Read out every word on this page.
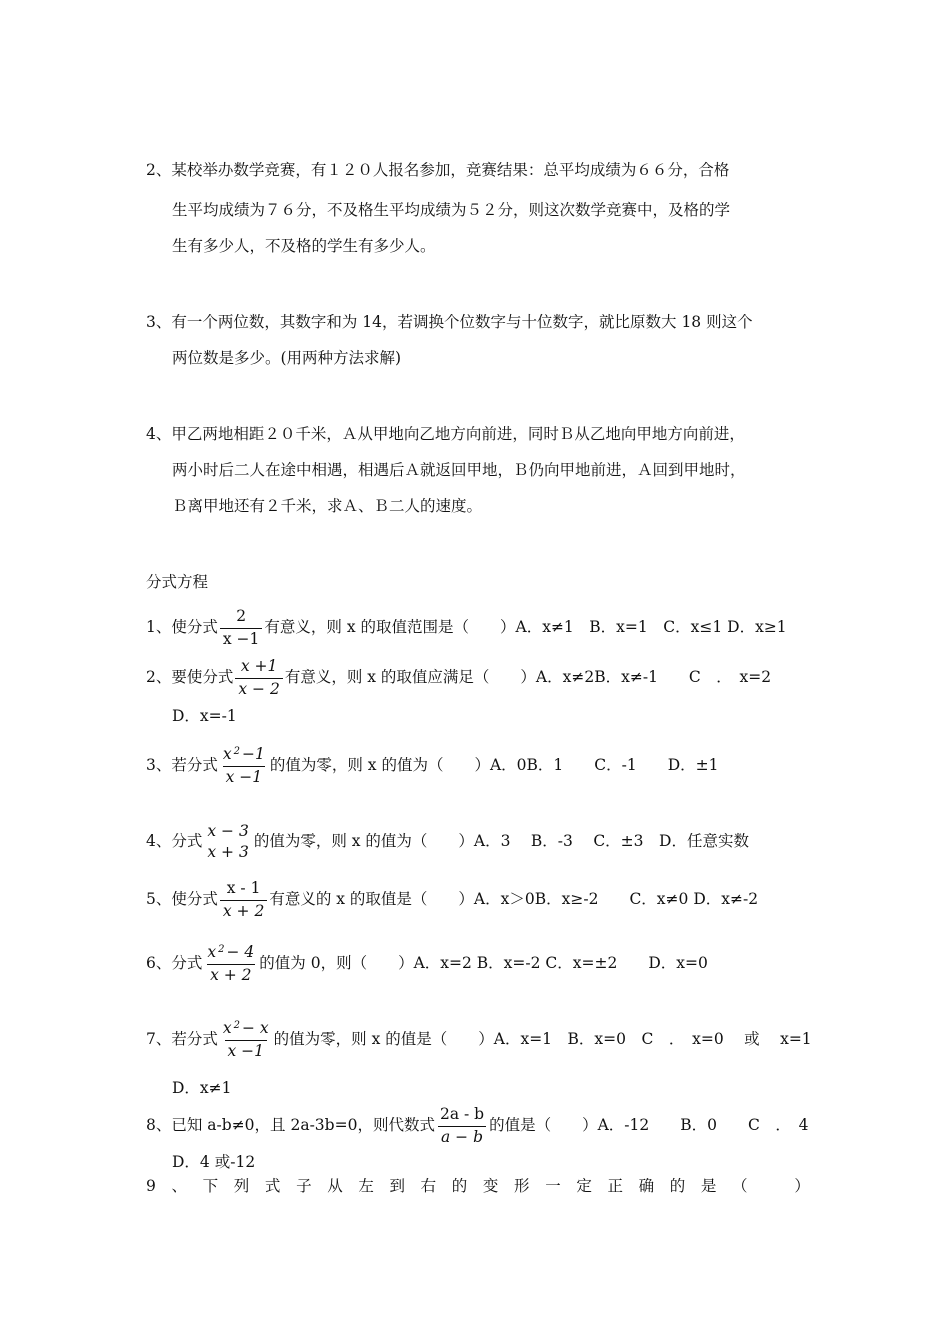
2、某校举办数学竞赛，有１２０人报名参加，竞赛结果：总平均成绩为６６分，合格
生平均成绩为７６分，不及格生平均成绩为５２分，则这次数学竞赛中，及格的学
生有多少人，不及格的学生有多少人。
3、有一个两位数，其数字和为 14，若调换个位数字与十位数字，就比原数大 18 则这个
两位数是多少。(用两种方法求解)
4、甲乙两地相距２０千米，Ａ从甲地向乙地方向前进，同时Ｂ从乙地向甲地方向前进，
两小时后二人在途中相遇，相遇后Ａ就返回甲地，Ｂ仍向甲地前进，Ａ回到甲地时，
Ｂ离甲地还有２千米，求Ａ、Ｂ二人的速度。
分式方程
1、使分式 $\frac{2}{x -1}$ 有意义，则 x 的取值范围是（　　）A．x≠1　B．x=1　C．x≤1 D．x≥1
2、要使分式 $\frac{x +1}{x - 2}$ 有意义，则 x 的取值应满足（　　）A．x≠2B．x≠-1　　C　．　x=2
D．x=-1
3、若分式 $\frac{x ^2 -1}{x -1}$ 的值为零，则 x 的值为（　　）A．0B．1　　C．-1　　D．±1
4、分式
x − 3
x + 3
的值为零，则 x 的值为（　　）A．3　 B．-3　 C．±3　D．任意实数
5、使分式 $\frac{x - 1}{x + 2}$ 有意义的 x 的取值是（　　）A．x＞0B．x≥-2　　C．x≠0 D．x≠-2
6、分式 $\frac{x ^2 - 4}{x + 2}$ 的值为 0，则（　　）A．x=2 B．x=-2 C．x=±2　　D．x=0
7、若分式 $\frac{x ^2 - x}{x -1}$ 的值为零，则 x 的值是（　　）A．x=1　B．x=0　C　．　x=0　 或　 x=1
D．x≠1
8、已知 a-b≠0，且 2a-3b=0，则代数式 $\frac{2a - b}{a - b}$ 的值是（　　）A．-12　　B．0　　C　．　4
D．4 或-12
9 、 下 列 式 子 从 左 到 右 的 变 形 一 定 正 确 的 是 （
　	）
